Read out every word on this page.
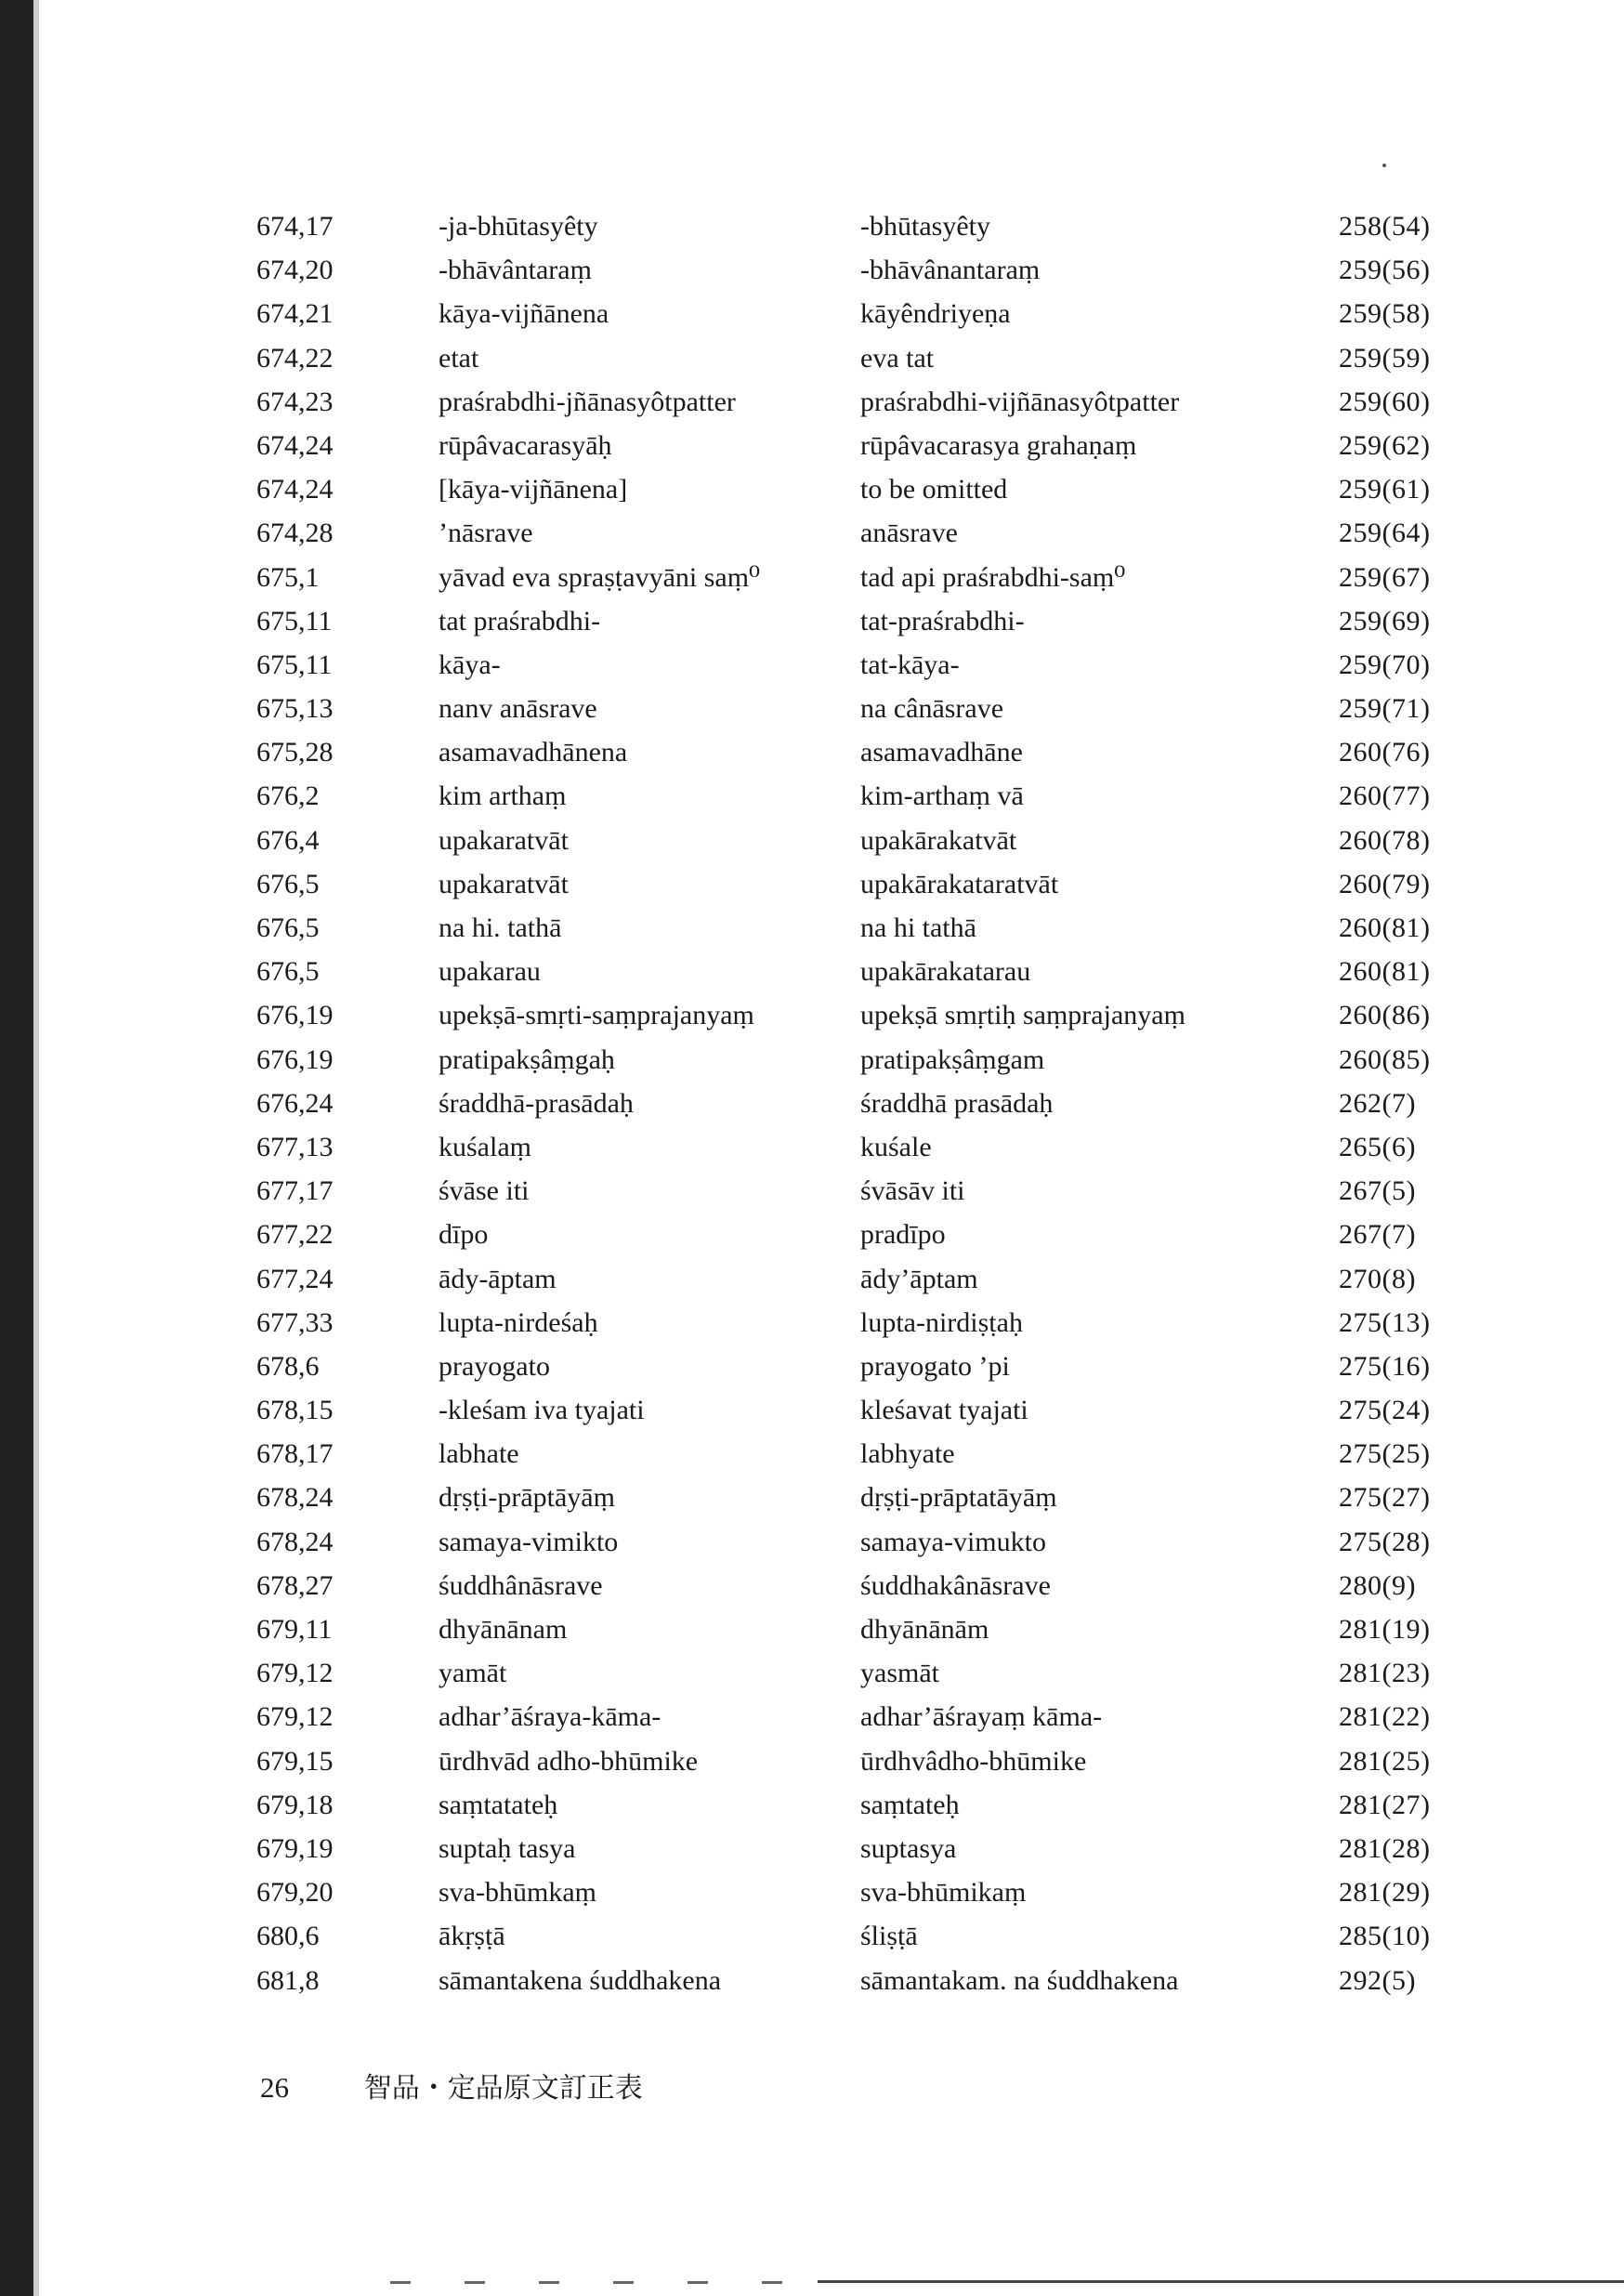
674,17	-ja-bhūtasyêty	-bhūtasyêty	258(54)
674,20	-bhāvântaraṃ	-bhāvânantaraṃ	259(56)
674,21	kāya-vijñānena	kāyêndriyeṇa	259(58)
674,22	etat	eva tat	259(59)
674,23	praśrabdhi-jñānasyôtpatter	praśrabdhi-vijñānasyôtpatter	259(60)
674,24	rūpâvacarasyāḥ	rūpâvacarasya grahaṇaṃ	259(62)
674,24	[kāya-vijñānena]	to be omitted	259(61)
674,28	’nāsrave	anāsrave	259(64)
675,1	yāvad eva spraṣṭavyāni saṃ⁰	tad api praśrabdhi-saṃ⁰	259(67)
675,11	tat praśrabdhi-	tat-praśrabdhi-	259(69)
675,11	kāya-	tat-kāya-	259(70)
675,13	nanv anāsrave	na cânāsrave	259(71)
675,28	asamavadhānena	asamavadhāne	260(76)
676,2	kim arthaṃ	kim-arthaṃ vā	260(77)
676,4	upakaratvāt	upakārakatvāt	260(78)
676,5	upakaratvāt	upakārakataratvāt	260(79)
676,5	na hi. tathā	na hi tathā	260(81)
676,5	upakarau	upakārakatarau	260(81)
676,19	upekṣā-smṛti-saṃprajanyaṃ	upekṣā smṛtiḥ saṃprajanyaṃ	260(86)
676,19	pratipakṣâṃgaḥ	pratipakṣâṃgam	260(85)
676,24	śraddhā-prasādaḥ	śraddhā prasādaḥ	262(7)
677,13	kuśalaṃ	kuśale	265(6)
677,17	śvāse iti	śvāsāv iti	267(5)
677,22	dīpo	pradīpo	267(7)
677,24	ādy-āptam	ādy’āptam	270(8)
677,33	lupta-nirdeśaḥ	lupta-nirdiṣṭaḥ	275(13)
678,6	prayogato	prayogato ’pi	275(16)
678,15	-kleśam iva tyajati	kleśavat tyajati	275(24)
678,17	labhate	labhyate	275(25)
678,24	dṛṣṭi-prāptāyāṃ	dṛṣṭi-prāptatāyāṃ	275(27)
678,24	samaya-vimikto	samaya-vimukto	275(28)
678,27	śuddhânāsrave	śuddhakânāsrave	280(9)
679,11	dhyānānam	dhyānānām	281(19)
679,12	yamāt	yasmāt	281(23)
679,12	adhar’āśraya-kāma-	adhar’āśrayaṃ kāma-	281(22)
679,15	ūrdhvād adho-bhūmike	ūrdhvâdho-bhūmike	281(25)
679,18	saṃtatateḥ	saṃtateḥ	281(27)
679,19	suptaḥ tasya	suptasya	281(28)
679,20	sva-bhūmkaṃ	sva-bhūmikaṃ	281(29)
680,6	ākṛṣṭā	śliṣṭā	285(10)
681,8	sāmantakena śuddhakena	sāmantakam. na śuddhakena	292(5)
26	智品・定品原文訂正表
